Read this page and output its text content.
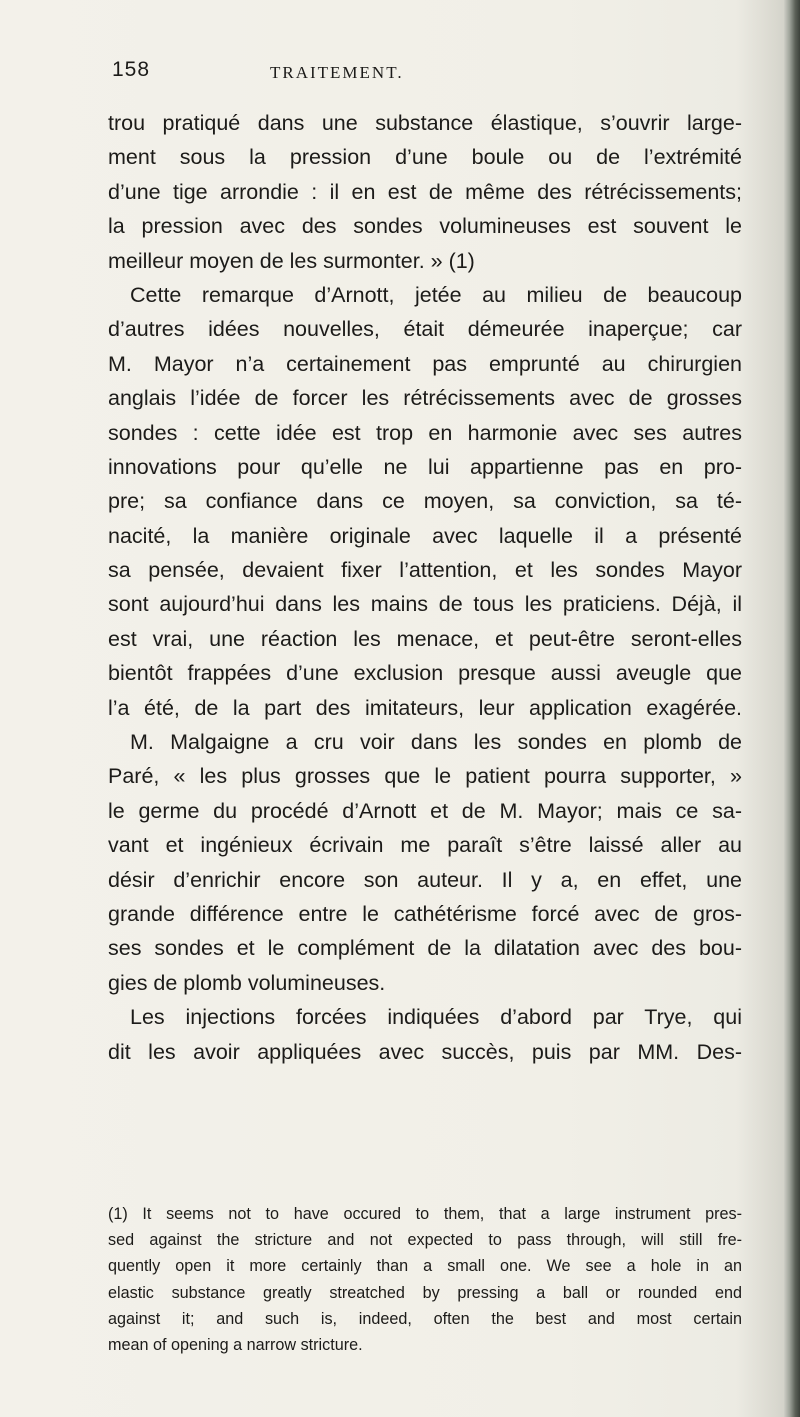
158	TRAITEMENT.
trou pratiqué dans une substance élastique, s’ouvrir large-
ment sous la pression d’une boule ou de l’extrémité
d’une tige arrondie : il en est de même des rétrécissements;
la pression avec des sondes volumineuses est souvent le
meilleur moyen de les surmonter. » (1)
Cette remarque d’Arnott, jetée au milieu de beaucoup
d’autres idées nouvelles, était démeurée inaperçue; car
M. Mayor n’a certainement pas emprunté au chirurgien
anglais l’idée de forcer les rétrécissements avec de grosses
sondes : cette idée est trop en harmonie avec ses autres
innovations pour qu’elle ne lui appartienne pas en pro-
pre; sa confiance dans ce moyen, sa conviction, sa té-
nacité, la manière originale avec laquelle il a présenté
sa pensée, devaient fixer l’attention, et les sondes Mayor
sont aujourd’hui dans les mains de tous les praticiens. Déjà, il
est vrai, une réaction les menace, et peut-être seront-elles
bientôt frappées d’une exclusion presque aussi aveugle que
l’a été, de la part des imitateurs, leur application exagérée.
M. Malgaigne a cru voir dans les sondes en plomb de
Paré, « les plus grosses que le patient pourra supporter, »
le germe du procédé d’Arnott et de M. Mayor; mais ce sa-
vant et ingénieux écrivain me paraît s’être laissé aller au
désir d’enrichir encore son auteur. Il y a, en effet, une
grande différence entre le cathétérisme forcé avec de gros-
ses sondes et le complément de la dilatation avec des bou-
gies de plomb volumineuses.
Les injections forcées indiquées d’abord par Trye, qui
dit les avoir appliquées avec succès, puis par MM. Des-
(1) It seems not to have occured to them, that a large instrument pres-
sed against the stricture and not expected to pass through, will still fre-
quently open it more certainly than a small one. We see a hole in an
elastic substance greatly streatched by pressing a ball or rounded end
against it; and such is, indeed, often the best and most certain
mean of opening a narrow stricture.
